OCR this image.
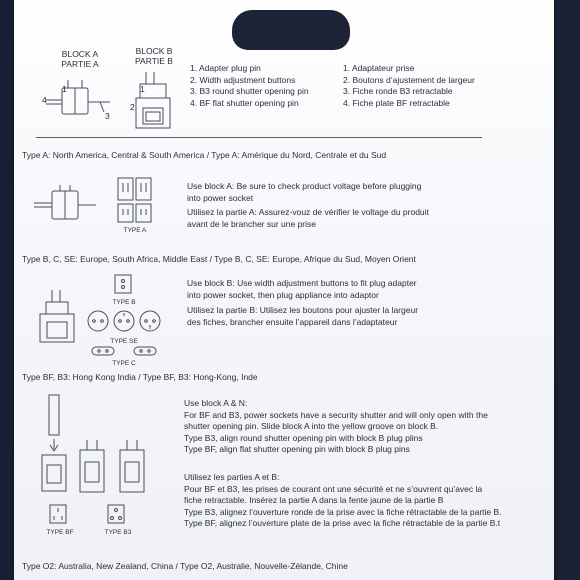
BLOCK A
PARTIE A
BLOCK B
PARTIE B
1
4
3
2
1
1. Adapter plug pin
2. Width adjustment buttons
3. B3 round shutter opening pin
4. BF flat shutter opening pin
1. Adaptateur prise
2. Boutons d’ajustement de largeur
3. Fiche ronde B3 retractable
4. Fiche plate BF retractable
Type A: North America, Central & South America / Type A: Amérique du Nord, Centrale et du Sud
TYPE A
Use block A: Be sure to check product voltage before plugging
into power socket
Utilisez la partie A: Assurez-vouz de vérifier le voltage du produit
avant de le brancher sur une prise
Type B, C, SE: Europe, South Africa, Middle East / Type B, C, SE: Europe, Afrique du Sud, Moyen Orient
TYPE B
TYPE SE
TYPE C
Use block B: Use width adjustment buttons to fit plug adapter
into power socket, then plug appliance into adaptor
Utilisez la partie B: Utilisez les boutons pour ajuster la largeur
des fiches, brancher ensuite l’appareil dans l’adaptateur
Type BF, B3: Hong Kong India / Type BF, B3: Hong-Kong, Inde
TYPE BF	TYPE B3
Use block A & N:
For BF and B3, power sockets have a security shutter and will only open with the
shutter opening pin. Slide block A into the yellow groove on block B.
Type B3, align round shutter opening pin with block B plug plins
Type BF, align flat shutter opening pin with block B plug pins
Utilisez les parties A et B:
Pour BF et B3, les prises de courant ont une sécurité et ne s’ouvrent qu’avec la
fiche retractable. Insérez la partie A dans la fente jaune de la partie B
Type B3, alignez l’ouverture ronde de la prise avec la fiche rétractable de la partie B.
Type BF, alignez l’ouverture plate de la prise avec la fiche rétractable de la partie B.t
Type O2: Australia, New Zealand, China / Type O2, Australie, Nouvelle-Zélande, Chine
